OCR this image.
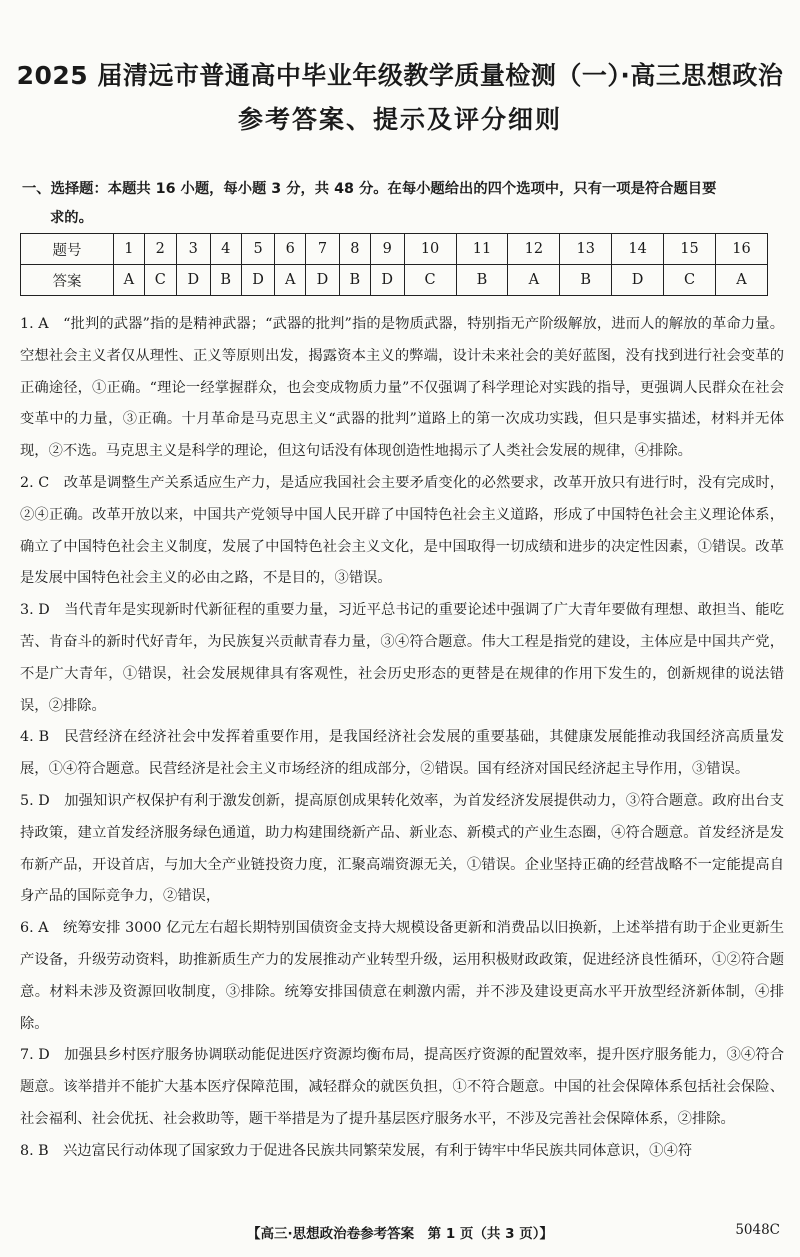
2025 届清远市普通高中毕业年级教学质量检测（一）·高三思想政治
参考答案、提示及评分细则
一、选择题：本题共 16 小题，每小题 3 分，共 48 分。在每小题给出的四个选项中，只有一项是符合题目要
求的。
题号	1	2	3	4	5	6	7	8	9	10	11	12	13	14	15	16
答案	A	C	D	B	D	A	D	B	D	C	B	A	B	D	C	A

1. A　 “批判的武器”指的是精神武器；“武器的批判”指的是物质武器，特别指无产阶级解放，进而人的解放的革命力量。空想社会主义者仅从理性、正义等原则出发，揭露资本主义的弊端，设计未来社会的美好蓝图，没有找到进行社会变革的正确途径，①正确。“理论一经掌握群众，也会变成物质力量”不仅强调了科学理论对实践的指导，更强调人民群众在社会变革中的力量，③正确。十月革命是马克思主义“武器的批判”道路上的第一次成功实践，但只是事实描述，材料并无体现，②不选。马克思主义是科学的理论，但这句话没有体现创造性地揭示了人类社会发展的规律，④排除。

2. C　 改革是调整生产关系适应生产力，是适应我国社会主要矛盾变化的必然要求，改革开放只有进行时，没有完成时，②④正确。改革开放以来，中国共产党领导中国人民开辟了中国特色社会主义道路，形成了中国特色社会主义理论体系，确立了中国特色社会主义制度，发展了中国特色社会主义文化，是中国取得一切成绩和进步的决定性因素，①错误。改革是发展中国特色社会主义的必由之路，不是目的，③错误。

3. D　 当代青年是实现新时代新征程的重要力量，习近平总书记的重要论述中强调了广大青年要做有理想、敢担当、能吃苦、肯奋斗的新时代好青年，为民族复兴贡献青春力量，③④符合题意。伟大工程是指党的建设，主体应是中国共产党，不是广大青年，①错误，社会发展规律具有客观性，社会历史形态的更替是在规律的作用下发生的，创新规律的说法错误，②排除。

4. B　 民营经济在经济社会中发挥着重要作用，是我国经济社会发展的重要基础，其健康发展能推动我国经济高质量发展，①④符合题意。民营经济是社会主义市场经济的组成部分，②错误。国有经济对国民经济起主导作用，③错误。

5. D　 加强知识产权保护有利于激发创新，提高原创成果转化效率，为首发经济发展提供动力，③符合题意。政府出台支持政策，建立首发经济服务绿色通道，助力构建围绕新产品、新业态、新模式的产业生态圈，④符合题意。首发经济是发布新产品，开设首店，与加大全产业链投资力度，汇聚高端资源无关，①错误。企业坚持正确的经营战略不一定能提高自身产品的国际竞争力，②错误，

6. A　 统筹安排 3000 亿元左右超长期特别国债资金支持大规模设备更新和消费品以旧换新，上述举措有助于企业更新生产设备，升级劳动资料，助推新质生产力的发展推动产业转型升级，运用积极财政政策，促进经济良性循环，①②符合题意。材料未涉及资源回收制度，③排除。统筹安排国债意在刺激内需，并不涉及建设更高水平开放型经济新体制，④排除。

7. D　 加强县乡村医疗服务协调联动能促进医疗资源均衡布局，提高医疗资源的配置效率，提升医疗服务能力，③④符合题意。该举措并不能扩大基本医疗保障范围，减轻群众的就医负担，①不符合题意。中国的社会保障体系包括社会保险、社会福利、社会优抚、社会救助等，题干举措是为了提升基层医疗服务水平，不涉及完善社会保障体系，②排除。

8. B　 兴边富民行动体现了国家致力于促进各民族共同繁荣发展，有利于铸牢中华民族共同体意识，①④符

【高三·思想政治卷参考答案　第 1 页（共 3 页）】	5048C
